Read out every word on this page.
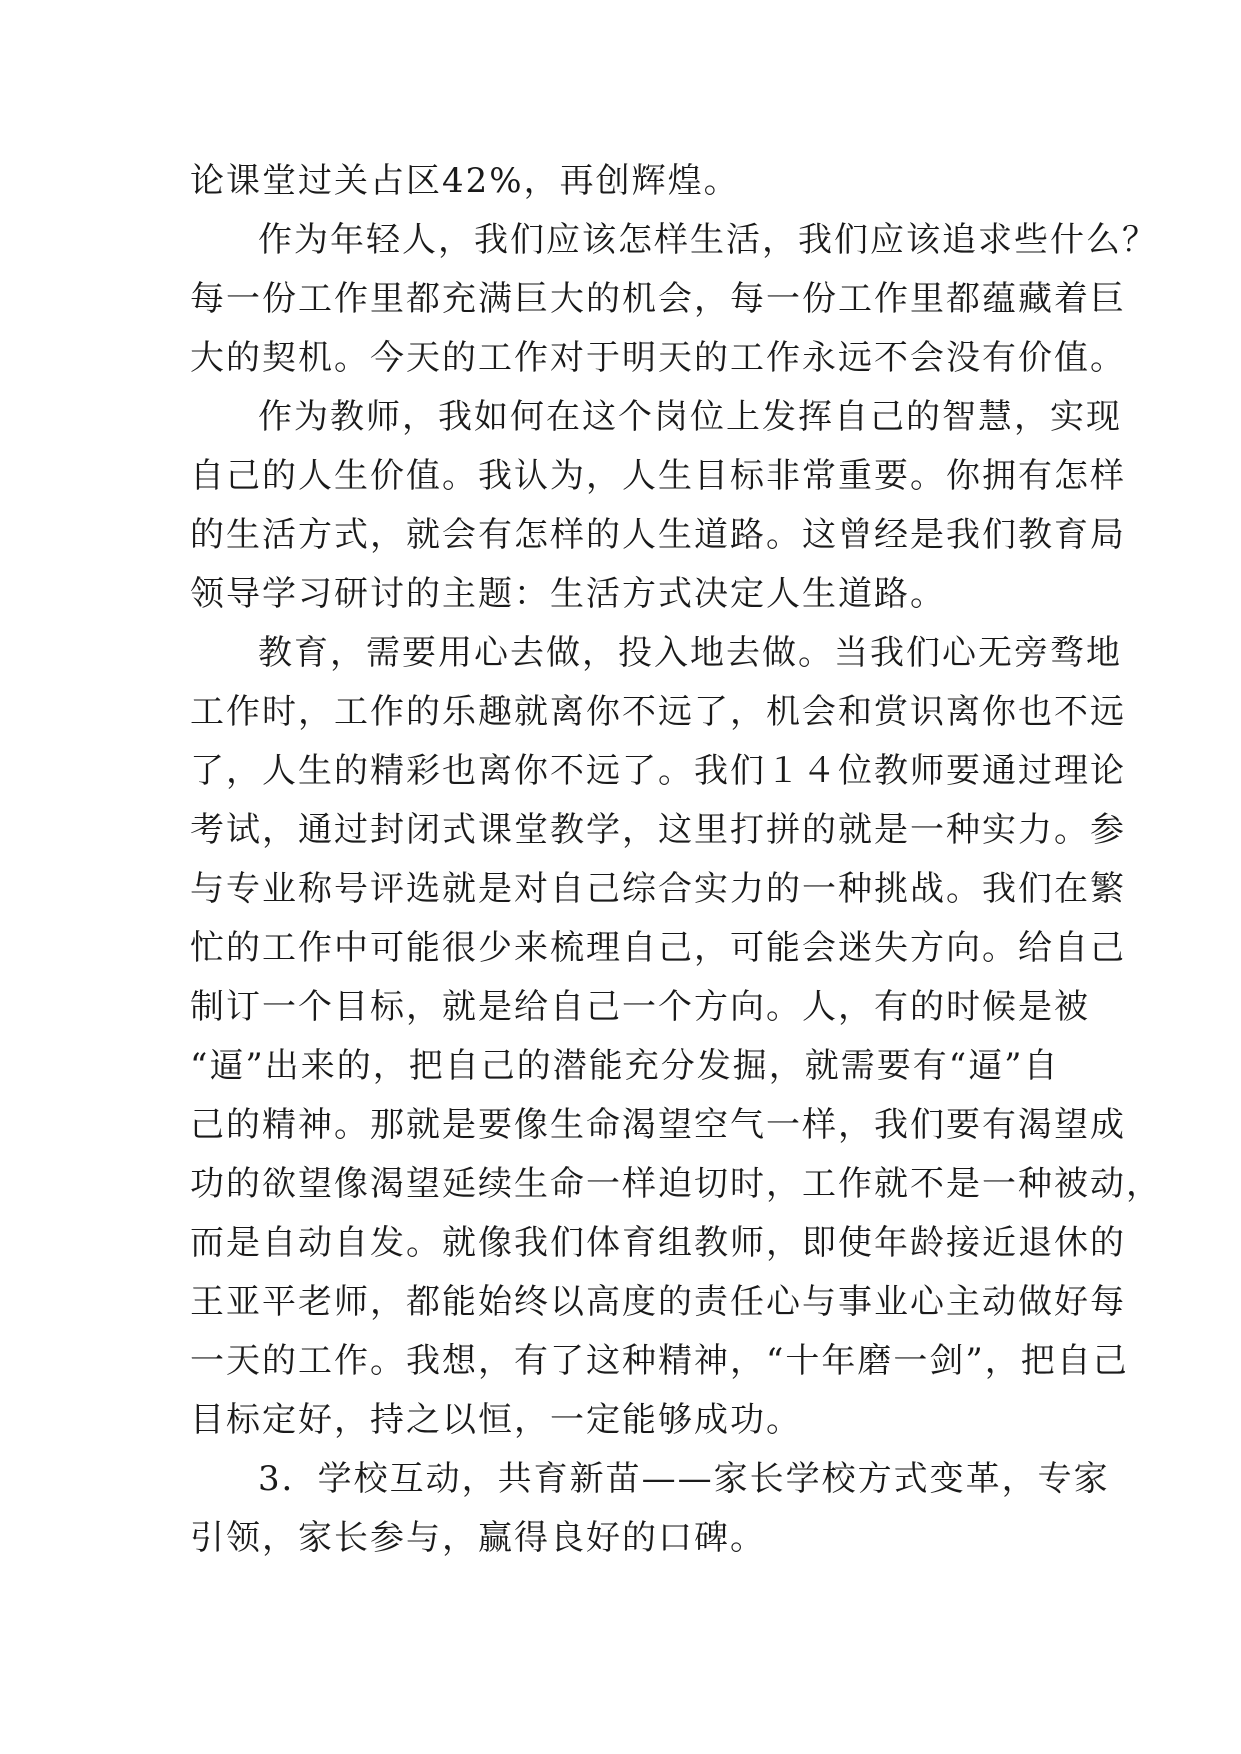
论课堂过关占区42%，再创辉煌。
作为年轻人，我们应该怎样生活，我们应该追求些什么？
每一份工作里都充满巨大的机会，每一份工作里都蕴藏着巨
大的契机。今天的工作对于明天的工作永远不会没有价值。
作为教师，我如何在这个岗位上发挥自己的智慧，实现
自己的人生价值。我认为，人生目标非常重要。你拥有怎样
的生活方式，就会有怎样的人生道路。这曾经是我们教育局
领导学习研讨的主题：生活方式决定人生道路。
教育，需要用心去做，投入地去做。当我们心无旁骛地
工作时，工作的乐趣就离你不远了，机会和赏识离你也不远
了，人生的精彩也离你不远了。我们１４位教师要通过理论
考试，通过封闭式课堂教学，这里打拼的就是一种实力。参
与专业称号评选就是对自己综合实力的一种挑战。我们在繁
忙的工作中可能很少来梳理自己，可能会迷失方向。给自己
制订一个目标，就是给自己一个方向。人，有的时候是被
“逼”出来的，把自己的潜能充分发掘，就需要有“逼”自
己的精神。那就是要像生命渴望空气一样，我们要有渴望成
功的欲望像渴望延续生命一样迫切时，工作就不是一种被动，
而是自动自发。就像我们体育组教师，即使年龄接近退休的
王亚平老师，都能始终以高度的责任心与事业心主动做好每
一天的工作。我想，有了这种精神，“十年磨一剑”，把自己
目标定好，持之以恒，一定能够成功。
3．学校互动，共育新苗——家长学校方式变革，专家
引领，家长参与，赢得良好的口碑。
